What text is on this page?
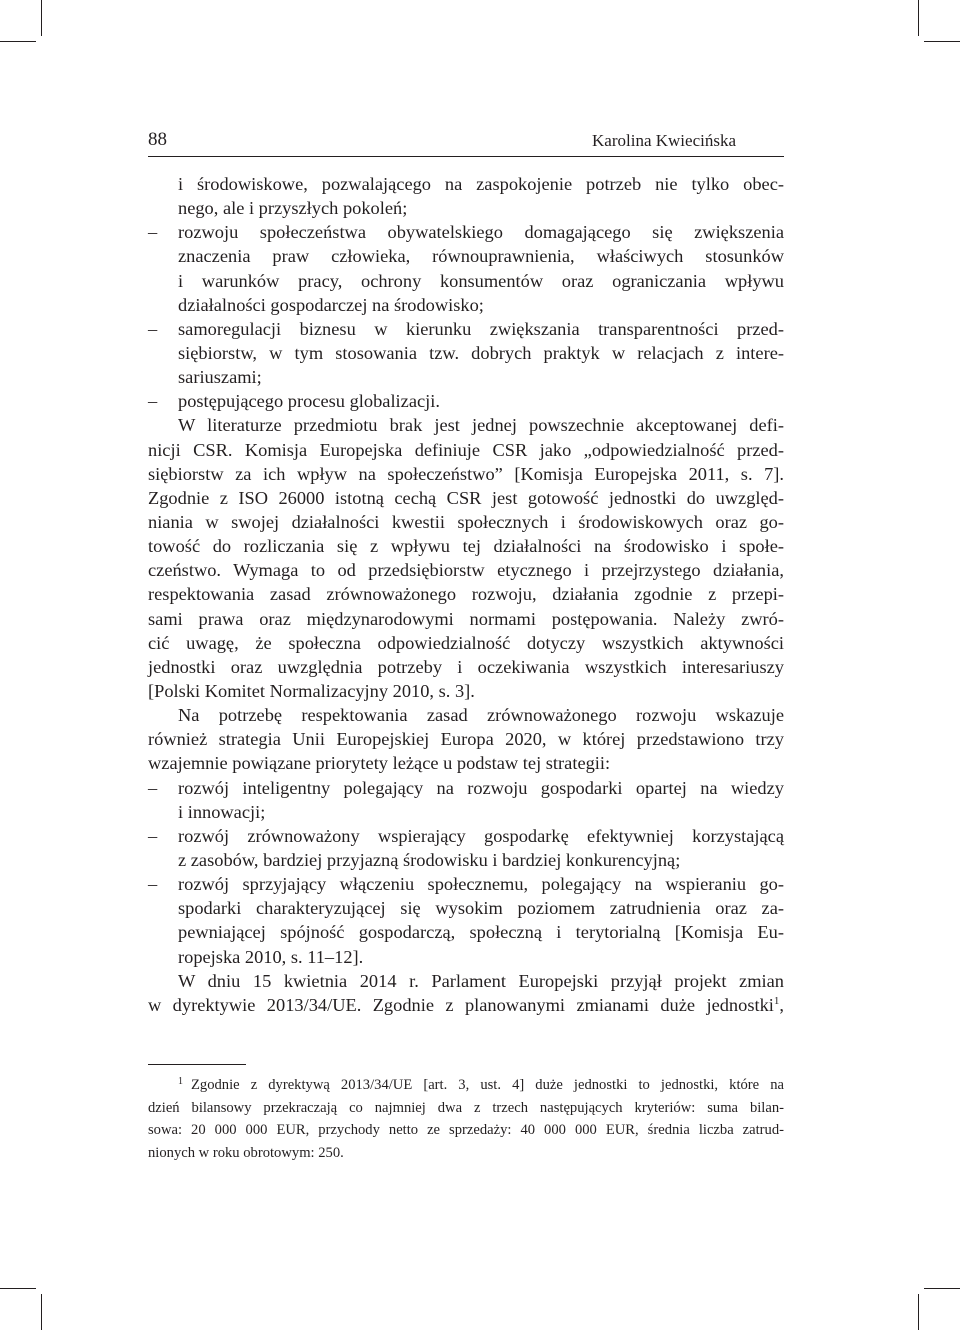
88	Karolina Kwiecińska
i środowiskowe, pozwalającego na zaspokojenie potrzeb nie tylko obec-
nego, ale i przyszłych pokoleń;
–	rozwoju społeczeństwa obywatelskiego domagającego się zwiększenia
znaczenia praw człowieka, równouprawnienia, właściwych stosunków
i warunków pracy, ochrony konsumentów oraz ograniczania wpływu
działalności gospodarczej na środowisko;
–	samoregulacji biznesu w kierunku zwiększania transparentności przed-
siębiorstw, w tym stosowania tzw. dobrych praktyk w relacjach z intere-
sariuszami;
–	postępującego procesu globalizacji.
W literaturze przedmiotu brak jest jednej powszechnie akceptowanej defi-
nicji CSR. Komisja Europejska definiuje CSR jako „odpowiedzialność przed-
siębiorstw za ich wpływ na społeczeństwo” [Komisja Europejska 2011, s. 7].
Zgodnie z ISO 26000 istotną cechą CSR jest gotowość jednostki do uwzględ-
niania w swojej działalności kwestii społecznych i środowiskowych oraz go-
towość do rozliczania się z wpływu tej działalności na środowisko i społe-
czeństwo. Wymaga to od przedsiębiorstw etycznego i przejrzystego działania,
respektowania zasad zrównoważonego rozwoju, działania zgodnie z przepi-
sami prawa oraz międzynarodowymi normami postępowania. Należy zwró-
cić uwagę, że społeczna odpowiedzialność dotyczy wszystkich aktywności
jednostki oraz uwzględnia potrzeby i oczekiwania wszystkich interesariuszy
[Polski Komitet Normalizacyjny 2010, s. 3].
Na potrzebę respektowania zasad zrównoważonego rozwoju wskazuje
również strategia Unii Europejskiej Europa 2020, w której przedstawiono trzy
wzajemnie powiązane priorytety leżące u podstaw tej strategii:
–	rozwój inteligentny polegający na rozwoju gospodarki opartej na wiedzy
i innowacji;
–	rozwój zrównoważony wspierający gospodarkę efektywniej korzystającą
z zasobów, bardziej przyjazną środowisku i bardziej konkurencyjną;
–	rozwój sprzyjający włączeniu społecznemu, polegający na wspieraniu go-
spodarki charakteryzującej się wysokim poziomem zatrudnienia oraz za-
pewniającej spójność gospodarczą, społeczną i terytorialną [Komisja Eu-
ropejska 2010, s. 11–12].
W dniu 15 kwietnia 2014 r. Parlament Europejski przyjął projekt zmian
w dyrektywie 2013/34/UE. Zgodnie z planowanymi zmianami duże jednostki$^1$,
$^1$ Zgodnie z dyrektywą 2013/34/UE [art. 3, ust. 4] duże jednostki to jednostki, które na
dzień bilansowy przekraczają co najmniej dwa z trzech następujących kryteriów: suma bilan-
sowa: 20 000 000 EUR, przychody netto ze sprzedaży: 40 000 000 EUR, średnia liczba zatrud-
nionych w roku obrotowym: 250.
